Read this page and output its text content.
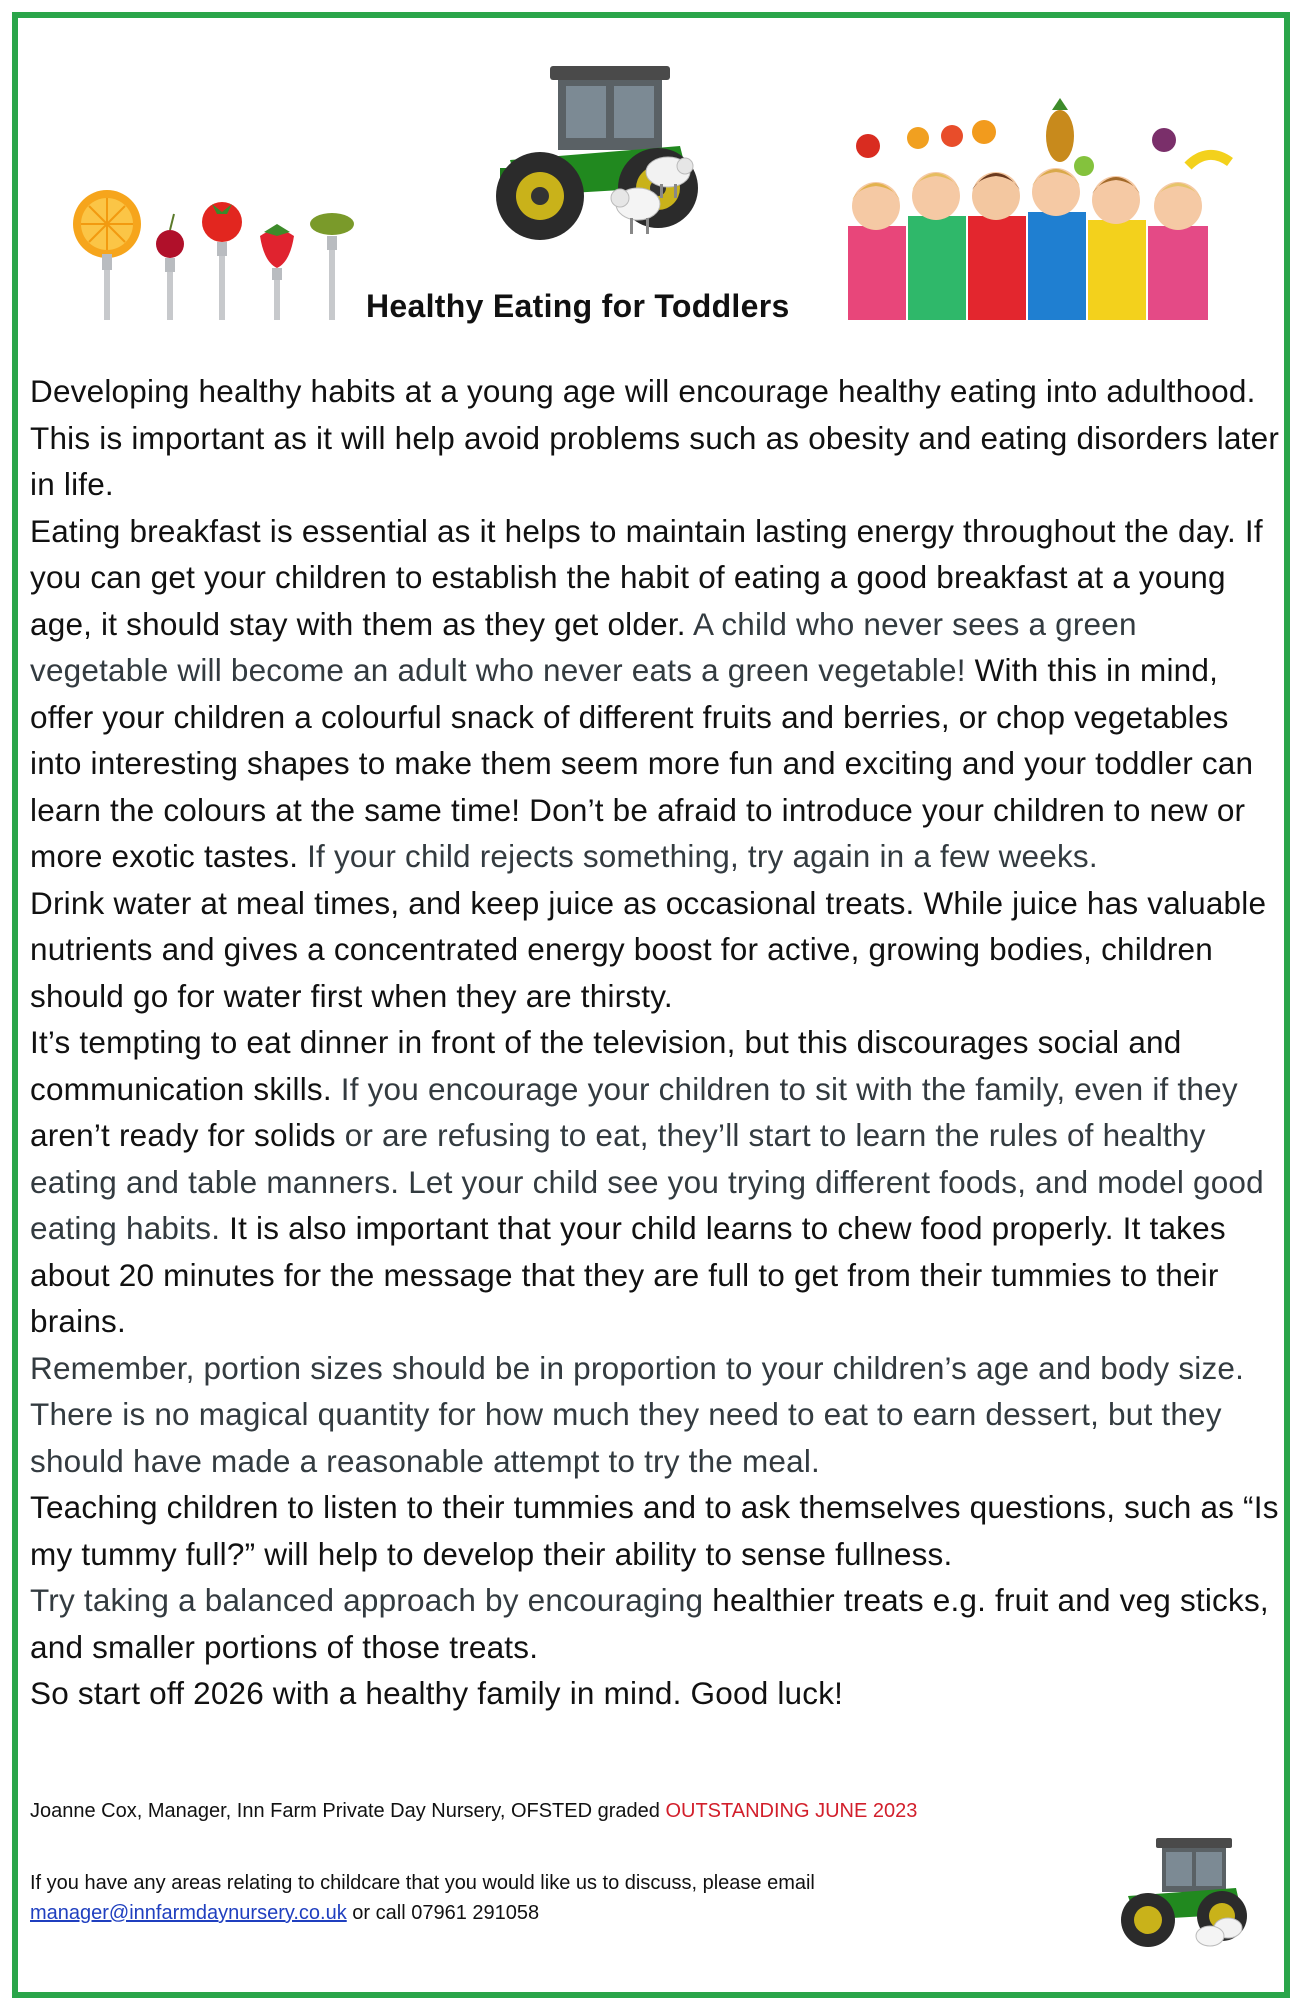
Healthy Eating for Toddlers

Developing healthy habits at a young age will encourage healthy eating into adulthood. This is important as it will help avoid problems such as obesity and eating disorders later in life.

Eating breakfast is essential as it helps to maintain lasting energy throughout the day. If you can get your children to establish the habit of eating a good breakfast at a young age, it should stay with them as they get older. A child who never sees a green vegetable will become an adult who never eats a green vegetable! With this in mind, offer your children a colourful snack of different fruits and berries, or chop vegetables into interesting shapes to make them seem more fun and exciting and your toddler can learn the colours at the same time! Don’t be afraid to introduce your children to new or more exotic tastes. If your child rejects something, try again in a few weeks.

Drink water at meal times, and keep juice as occasional treats. While juice has valuable nutrients and gives a concentrated energy boost for active, growing bodies, children should go for water first when they are thirsty.

It’s tempting to eat dinner in front of the television, but this discourages social and communication skills. If you encourage your children to sit with the family, even if they aren’t ready for solids or are refusing to eat, they’ll start to learn the rules of healthy eating and table manners. Let your child see you trying different foods, and model good eating habits. It is also important that your child learns to chew food properly. It takes about 20 minutes for the message that they are full to get from their tummies to their brains.

Remember, portion sizes should be in proportion to your children’s age and body size. There is no magical quantity for how much they need to eat to earn dessert, but they should have made a reasonable attempt to try the meal.

Teaching children to listen to their tummies and to ask themselves questions, such as “Is my tummy full?” will help to develop their ability to sense fullness.

Try taking a balanced approach by encouraging healthier treats e.g. fruit and veg sticks, and smaller portions of those treats.

So start off 2026 with a healthy family in mind. Good luck!

Joanne Cox, Manager, Inn Farm Private Day Nursery, OFSTED graded OUTSTANDING JUNE 2023
If you have any areas relating to childcare that you would like us to discuss, please email
manager@innfarmdaynursery.co.uk or call 07961 291058
